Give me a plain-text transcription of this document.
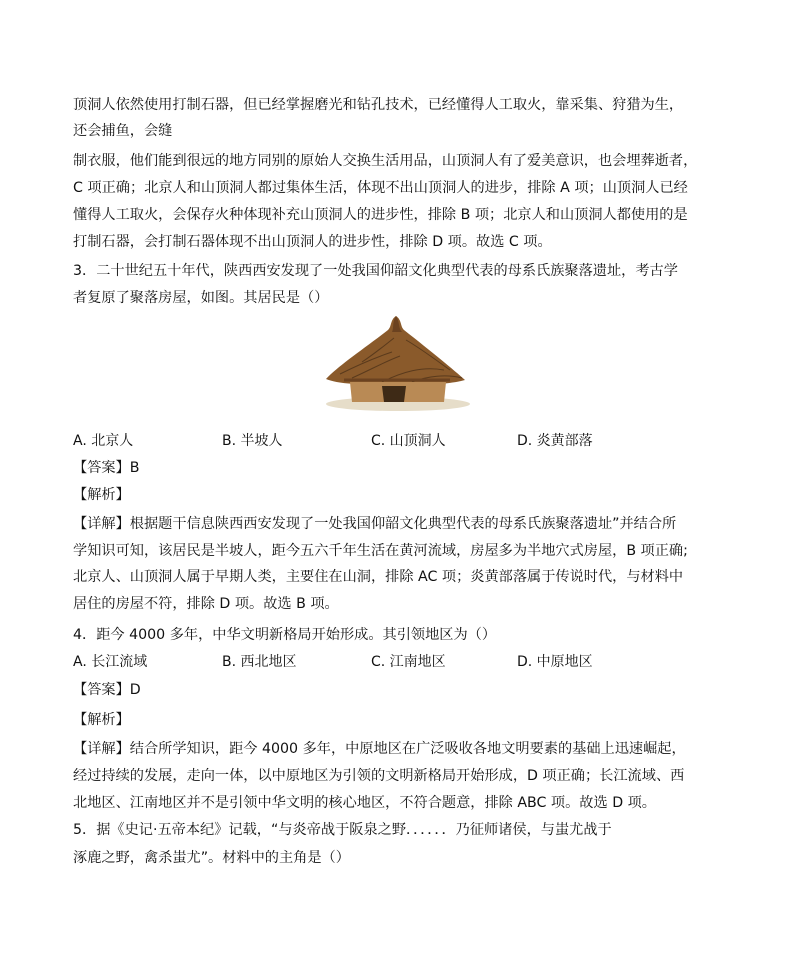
顶洞人依然使用打制石器，但已经掌握磨光和钻孔技术，已经懂得人工取火，靠采集、狩猎为生，
还会捕鱼，会缝
制衣服，他们能到很远的地方同别的原始人交换生活用品，山顶洞人有了爱美意识，也会埋葬逝者，
C 项正确；北京人和山顶洞人都过集体生活，体现不出山顶洞人的进步，排除 A 项；山顶洞人已经
懂得人工取火，会保存火种体现补充山顶洞人的进步性，排除 B 项；北京人和山顶洞人都使用的是
打制石器，会打制石器体现不出山顶洞人的进步性，排除 D 项。故选 C 项。
3．二十世纪五十年代，陕西西安发现了一处我国仰韶文化典型代表的母系氏族聚落遗址，考古学
者复原了聚落房屋，如图。其居民是（）
A. 北京人	B. 半坡人	C. 山顶洞人	D. 炎黄部落
【答案】B
【解析】
【详解】根据题干信息陕西西安发现了一处我国仰韶文化典型代表的母系氏族聚落遗址”并结合所
学知识可知，该居民是半坡人，距今五六千年生活在黄河流域，房屋多为半地穴式房屋，B 项正确;
北京人、山顶洞人属于早期人类，主要住在山洞，排除 AC 项；炎黄部落属于传说时代，与材料中
居住的房屋不符，排除 D 项。故选 B 项。
4．距今 4000 多年，中华文明新格局开始形成。其引领地区为（）
A. 长江流域	B. 西北地区	C. 江南地区	D. 中原地区
【答案】D
【解析】
【详解】结合所学知识，距今 4000 多年，中原地区在广泛吸收各地文明要素的基础上迅速崛起，
经过持续的发展，走向一体，以中原地区为引领的文明新格局开始形成，D 项正确；长江流域、西
北地区、江南地区并不是引领中华文明的核心地区，不符合题意，排除 ABC 项。故选 D 项。
5．据《史记·五帝本纪》记载，“与炎帝战于阪泉之野．．．．．．乃征师诸侯，与蚩尤战于
涿鹿之野，禽杀蚩尤”。材料中的主角是（）
